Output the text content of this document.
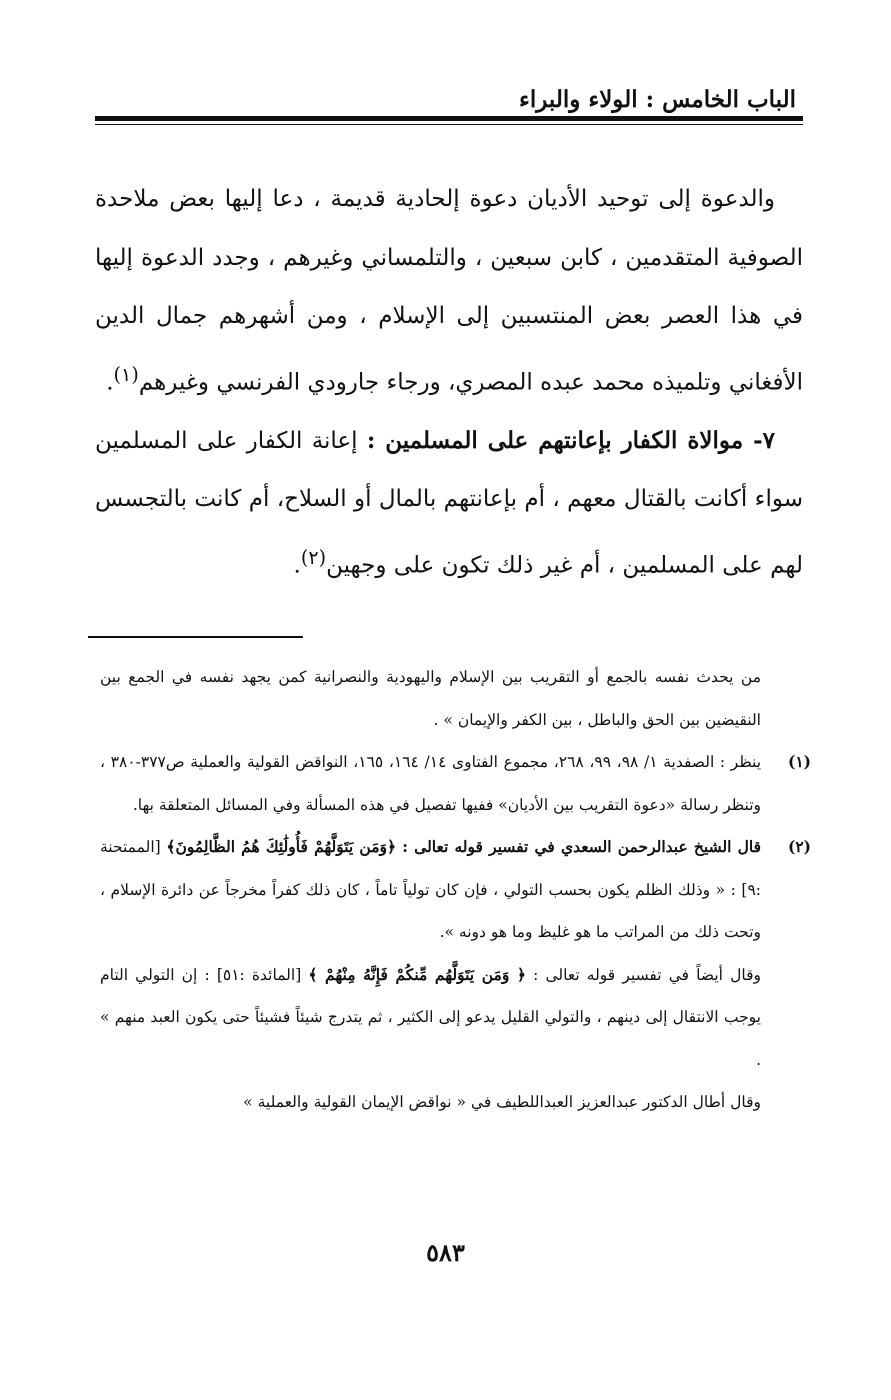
الباب الخامس : الولاء والبراء

والدعوة إلى توحيد الأديان دعوة إلحادية قديمة ، دعا إليها بعض ملاحدة الصوفية المتقدمين ، كابن سبعين ، والتلمساني وغيرهم ، وجدد الدعوة إليها في هذا العصر بعض المنتسبين إلى الإسلام ، ومن أشهرهم جمال الدين الأفغاني وتلميذه محمد عبده المصري، ورجاء جارودي الفرنسي وغيرهم$^{(١)}$.

٧- موالاة الكفار بإعانتهم على المسلمين : إعانة الكفار على المسلمين سواء أكانت بالقتال معهم ، أم بإعانتهم بالمال أو السلاح، أم كانت بالتجسس لهم على المسلمين ، أم غير ذلك تكون على وجهين$^{(٢)}$.

من يحدث نفسه بالجمع أو التقريب بين الإسلام واليهودية والنصرانية كمن يجهد نفسه في الجمع بين النقيضين بين الحق والباطل ، بين الكفر والإيمان » .

(١)

ينظر : الصفدية ١/ ٩٨، ٩٩، ٢٦٨، مجموع الفتاوى ١٤/ ١٦٤، ١٦٥، النواقض القولية والعملية ص٣٧٧-٣٨٠ ، وتنظر رسالة «دعوة التقريب بين الأديان» ففيها تفصيل في هذه المسألة وفي المسائل المتعلقة بها.

(٢)

قال الشيخ عبدالرحمن السعدي في تفسير قوله تعالى : ﴿وَمَن يَتَوَلَّهُمْ فَأُولَٰئِكَ هُمُ الظَّالِمُونَ﴾ [الممتحنة :٩] : « وذلك الظلم يكون بحسب التولي ، فإن كان تولياً تاماً ، كان ذلك كفراً مخرجاً عن دائرة الإسلام ، وتحت ذلك من المراتب ما هو غليظ وما هو دونه ».

وقال أيضاً في تفسير قوله تعالى : ﴿ وَمَن يَتَوَلَّهُم مِّنكُمْ فَإِنَّهُ مِنْهُمْ ﴾ [المائدة :٥١] : إن التولي التام يوجب الانتقال إلى دينهم ، والتولي القليل يدعو إلى الكثير ، ثم يتدرج شيئاً فشيئاً حتى يكون العبد منهم » .

وقال أطال الدكتور عبدالعزيز العبداللطيف في « نواقض الإيمان القولية والعملية »

٥٨٣
